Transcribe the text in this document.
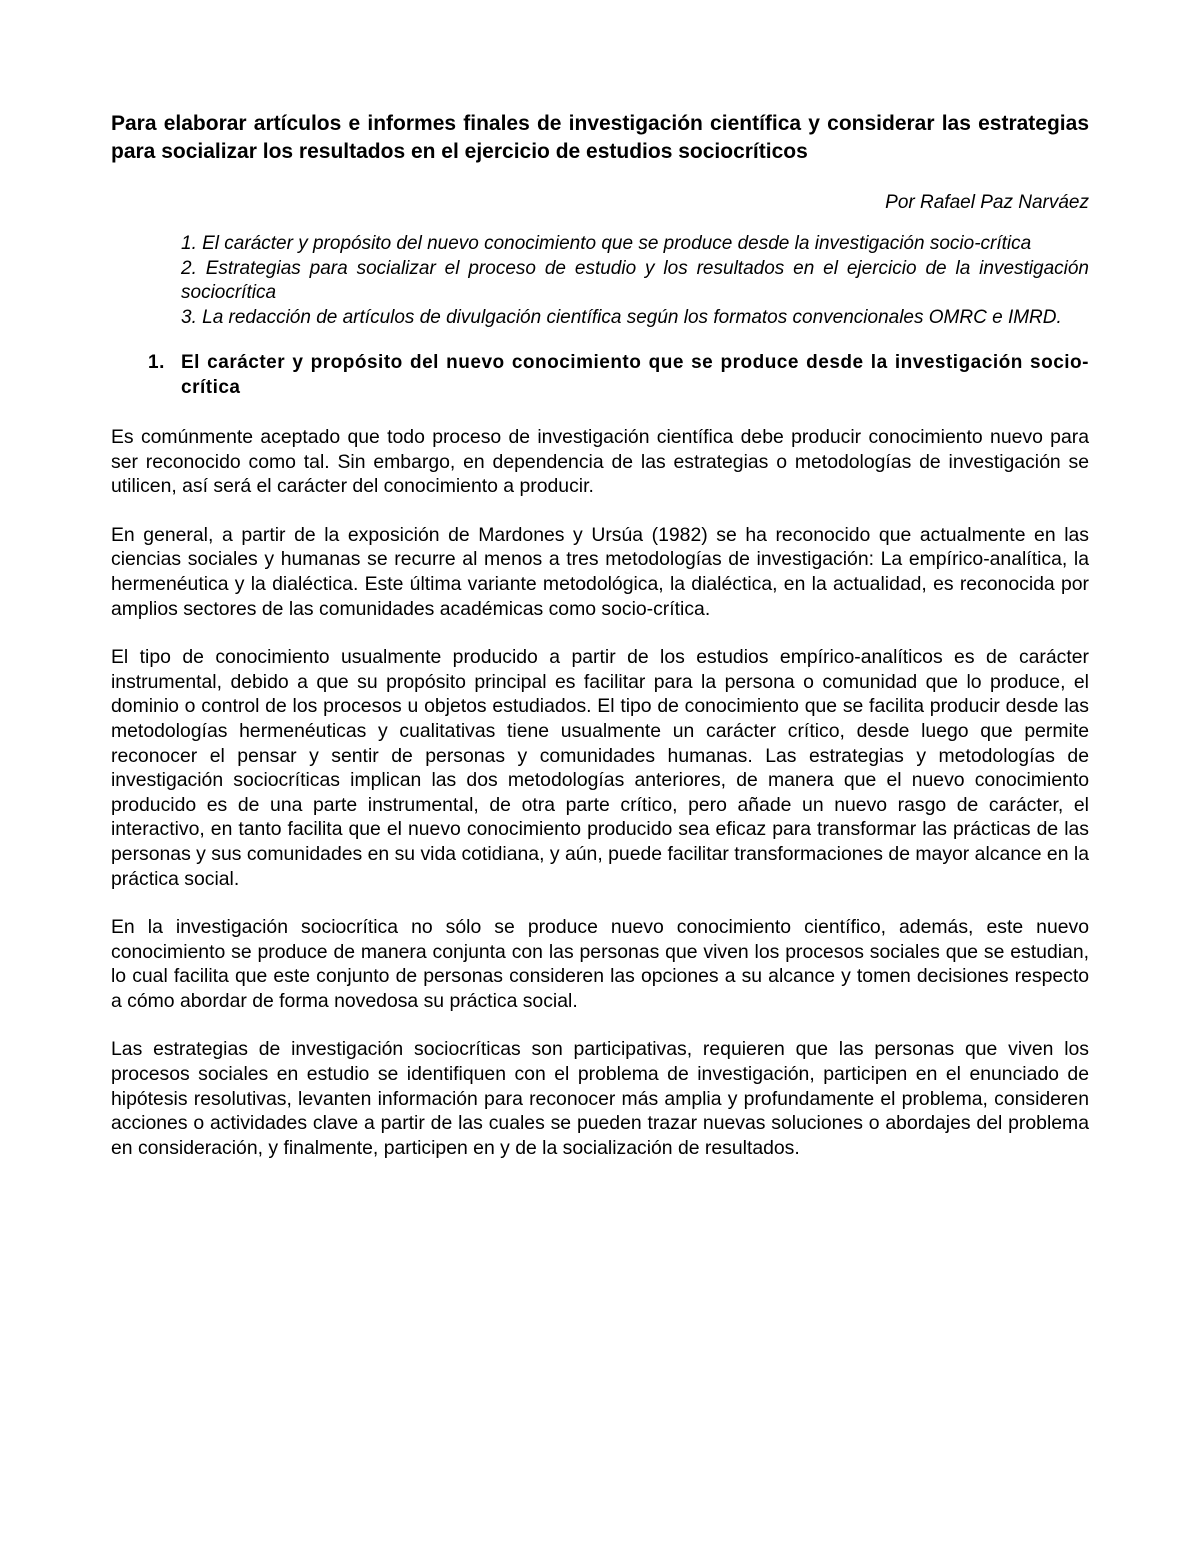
Para elaborar artículos e informes finales de investigación científica y considerar las estrategias para socializar los resultados en el ejercicio de estudios sociocríticos

Por Rafael Paz Narváez

1. El carácter y propósito del nuevo conocimiento que se produce desde la investigación socio-crítica
2. Estrategias para socializar el proceso de estudio y los resultados en el ejercicio de la investigación sociocrítica
3. La redacción de artículos de divulgación científica según los formatos convencionales OMRC e IMRD.
1. El carácter y propósito del nuevo conocimiento que se produce desde la investigación socio-crítica

Es comúnmente aceptado que todo proceso de investigación científica debe producir conocimiento nuevo para ser reconocido como tal. Sin embargo, en dependencia de las estrategias o metodologías de investigación se utilicen, así será el carácter del conocimiento a producir.

En general, a partir de la exposición de Mardones y Ursúa (1982) se ha reconocido que actualmente en las ciencias sociales y humanas se recurre al menos a tres metodologías de investigación: La empírico-analítica, la hermenéutica y la dialéctica. Este última variante metodológica, la dialéctica, en la actualidad, es reconocida por amplios sectores de las comunidades académicas como socio-crítica.

El tipo de conocimiento usualmente producido a partir de los estudios empírico-analíticos es de carácter instrumental, debido a que su propósito principal es facilitar para la persona o comunidad que lo produce, el dominio o control de los procesos u objetos estudiados. El tipo de conocimiento que se facilita producir desde las metodologías hermenéuticas y cualitativas tiene usualmente un carácter crítico, desde luego que permite reconocer el pensar y sentir de personas y comunidades humanas. Las estrategias y metodologías de investigación sociocríticas implican las dos metodologías anteriores, de manera que el nuevo conocimiento producido es de una parte instrumental, de otra parte crítico, pero añade un nuevo rasgo de carácter, el interactivo, en tanto facilita que el nuevo conocimiento producido sea eficaz para transformar las prácticas de las personas y sus comunidades en su vida cotidiana, y aún, puede facilitar transformaciones de mayor alcance en la práctica social.

En la investigación sociocrítica no sólo se produce nuevo conocimiento científico, además, este nuevo conocimiento se produce de manera conjunta con las personas que viven los procesos sociales que se estudian, lo cual facilita que este conjunto de personas consideren las opciones a su alcance y tomen decisiones respecto a cómo abordar de forma novedosa su práctica social.

Las estrategias de investigación sociocríticas son participativas, requieren que las personas que viven los procesos sociales en estudio se identifiquen con el problema de investigación, participen en el enunciado de hipótesis resolutivas, levanten información para reconocer más amplia y profundamente el problema, consideren acciones o actividades clave a partir de las cuales se pueden trazar nuevas soluciones o abordajes del problema en consideración, y finalmente, participen en y de la socialización de resultados.
